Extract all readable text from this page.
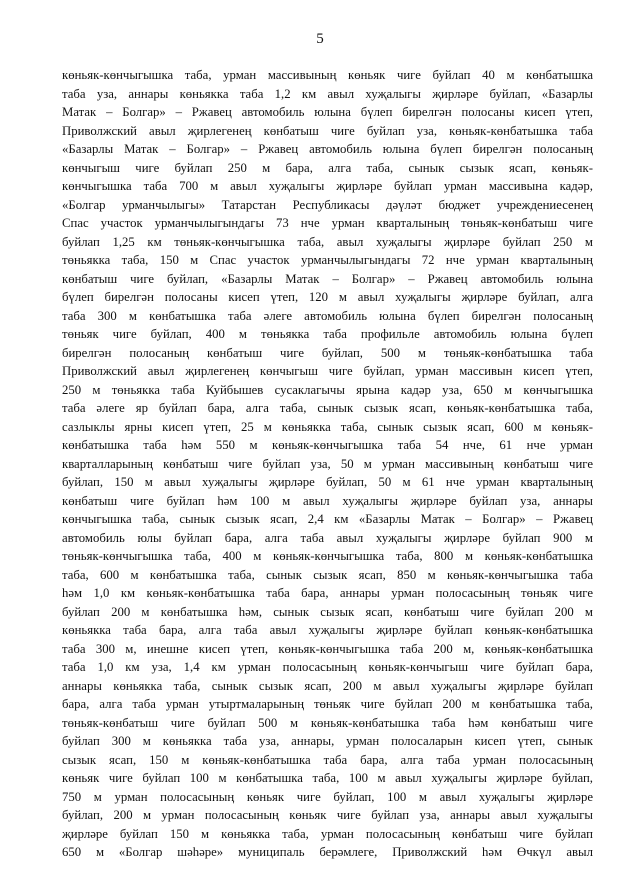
5
көньяк-көнчыгышка таба, урман массивының көньяк чиге буйлап 40 м көнбатышка
таба уза, аннары көньякка таба 1,2 км авыл хуҗалыгы җирләре буйлап, «Базарлы
Матак – Болгар» – Ржавец автомобиль юлына бүлеп бирелгән полосаны кисеп үтеп,
Приволжский авыл җирлегенең көнбатыш чиге буйлап уза, көньяк-көнбатышка таба
«Базарлы Матак – Болгар» – Ржавец автомобиль юлына бүлеп бирелгән полосаның
көнчыгыш чиге буйлап 250 м бара, алга таба, сынык сызык ясап, көньяк-
көнчыгышка таба 700 м авыл хуҗалыгы җирләре буйлап урман массивына кадәр,
«Болгар урманчылыгы» Татарстан Республикасы дәүләт бюджет учреждениесенең
Спас участок урманчылыгындагы 73 нче урман кварталының төньяк-көнбатыш чиге
буйлап 1,25 км төньяк-көнчыгышка таба, авыл хуҗалыгы җирләре буйлап 250 м
төньякка таба, 150 м Спас участок урманчылыгындагы 72 нче урман кварталының
көнбатыш чиге буйлап, «Базарлы Матак – Болгар» – Ржавец автомобиль юлына
бүлеп бирелгән полосаны кисеп үтеп, 120 м авыл хуҗалыгы җирләре буйлап, алга
таба 300 м көнбатышка таба әлеге автомобиль юлына бүлеп бирелгән полосаның
төньяк чиге буйлап, 400 м төньякка таба профильле автомобиль юлына бүлеп
бирелгән полосаның көнбатыш чиге буйлап, 500 м төньяк-көнбатышка таба
Приволжский авыл җирлегенең көнчыгыш чиге буйлап, урман массивын кисеп үтеп,
250 м төньякка таба Куйбышев сусаклагычы ярына кадәр уза, 650 м көнчыгышка
таба әлеге яр буйлап бара, алга таба, сынык сызык ясап, көньяк-көнбатышка таба,
сазлыклы ярны кисеп үтеп, 25 м көньякка таба, сынык сызык ясап, 600 м көньяк-
көнбатышка таба һәм 550 м көньяк-көнчыгышка таба 54 нче, 61 нче урман
кварталларының көнбатыш чиге буйлап уза, 50 м урман массивының көнбатыш чиге
буйлап, 150 м авыл хуҗалыгы җирләре буйлап, 50 м 61 нче урман кварталының
көнбатыш чиге буйлап һәм 100 м авыл хуҗалыгы җирләре буйлап уза, аннары
көнчыгышка таба, сынык сызык ясап, 2,4 км «Базарлы Матак – Болгар» – Ржавец
автомобиль юлы буйлап бара, алга таба авыл хуҗалыгы җирләре буйлап 900 м
төньяк-көнчыгышка таба, 400 м көньяк-көнчыгышка таба, 800 м көньяк-көнбатышка
таба, 600 м көнбатышка таба, сынык сызык ясап, 850 м көньяк-көнчыгышка таба
һәм 1,0 км көньяк-көнбатышка таба бара, аннары урман полосасының төньяк чиге
буйлап 200 м көнбатышка һәм, сынык сызык ясап, көнбатыш чиге буйлап 200 м
көньякка таба бара, алга таба авыл хуҗалыгы җирләре буйлап көньяк-көнбатышка
таба 300 м, инешне кисеп үтеп, көньяк-көнчыгышка таба 200 м, көньяк-көнбатышка
таба 1,0 км уза, 1,4 км урман полосасының көньяк-көнчыгыш чиге буйлап бара,
аннары көньякка таба, сынык сызык ясап, 200 м авыл хуҗалыгы җирләре буйлап
бара, алга таба урман утыртмаларының төньяк чиге буйлап 200 м көнбатышка таба,
төньяк-көнбатыш чиге буйлап 500 м көньяк-көнбатышка таба һәм көнбатыш чиге
буйлап 300 м көньякка таба уза, аннары, урман полосаларын кисеп үтеп, сынык
сызык ясап, 150 м көньяк-көнбатышка таба бара, алга таба урман полосасының
көньяк чиге буйлап 100 м көнбатышка таба, 100 м авыл хуҗалыгы җирләре буйлап,
750 м урман полосасының көньяк чиге буйлап, 100 м авыл хуҗалыгы җирләре
буйлап, 200 м урман полосасының көньяк чиге буйлап уза, аннары авыл хуҗалыгы
җирләре буйлап 150 м көньякка таба, урман полосасының көнбатыш чиге буйлап
650 м «Болгар шәһәре» муниципаль берәмлеге, Приволжский һәм Өчкүл авыл
